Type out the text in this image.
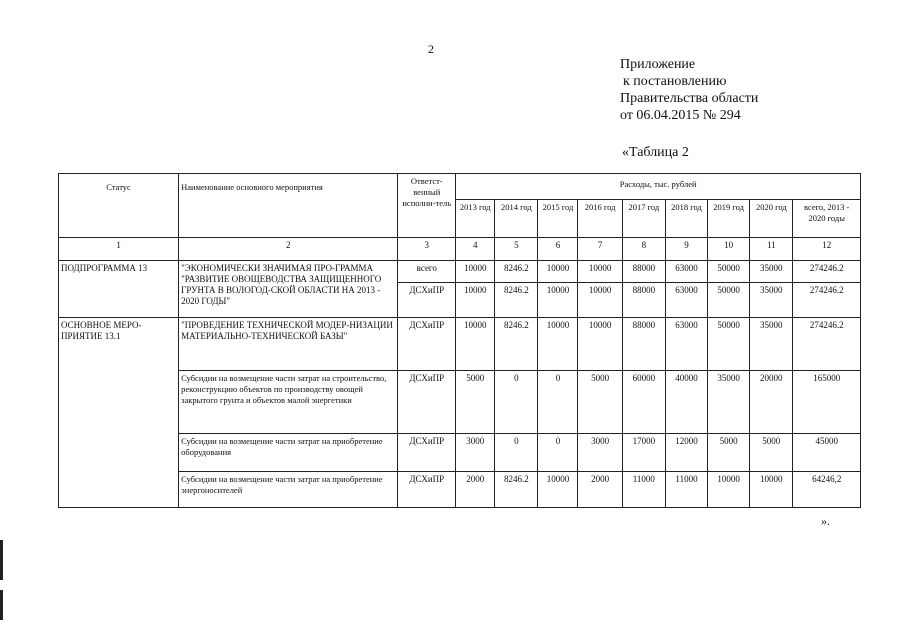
2
Приложение
к постановлению
Правительства области
от 06.04.2015 № 294
«Таблица 2
Статус	Наименование основного мероприятия	Ответст-венный исполни-тель	Расходы, тыс. рублей								
			2013 год	2014 год	2015 год	2016 год	2017 год	2018 год	2019 год	2020 год	всего, 2013 - 2020 годы
1	2	3	4	5	6	7	8	9	10	11	12
ПОДПРОГРАММА 13	"ЭКОНОМИЧЕСКИ ЗНАЧИМАЯ ПРО-ГРАММА "РАЗВИТИЕ ОВОЩЕВОДСТВА ЗАЩИЩЕННОГО ГРУНТА В ВОЛОГОД-СКОЙ ОБЛАСТИ НА 2013 - 2020 ГОДЫ"	всего	10000	8246.2	10000	10000	88000	63000	50000	35000	274246.2
		ДСХиПР	10000	8246.2	10000	10000	88000	63000	50000	35000	274246.2
ОСНОВНОЕ МЕРО-ПРИЯТИЕ 13.1	"ПРОВЕДЕНИЕ ТЕХНИЧЕСКОЙ МОДЕР-НИЗАЦИИ МАТЕРИАЛЬНО-ТЕХНИЧЕСКОЙ БАЗЫ"	ДСХиПР	10000	8246.2	10000	10000	88000	63000	50000	35000	274246.2
	Субсидии на возмещение части затрат на строительство, реконструкцию объектов по производству овощей закрытого грунта и объектов малой энергетики	ДСХиПР	5000	0	0	5000	60000	40000	35000	20000	165000
	Субсидии на возмещение части затрат на приобретение оборудования	ДСХиПР	3000	0	0	3000	17000	12000	5000	5000	45000
	Субсидии на возмещение части затрат на приобретение энергоносителей	ДСХиПР	2000	8246.2	10000	2000	11000	11000	10000	10000	64246,2
».
